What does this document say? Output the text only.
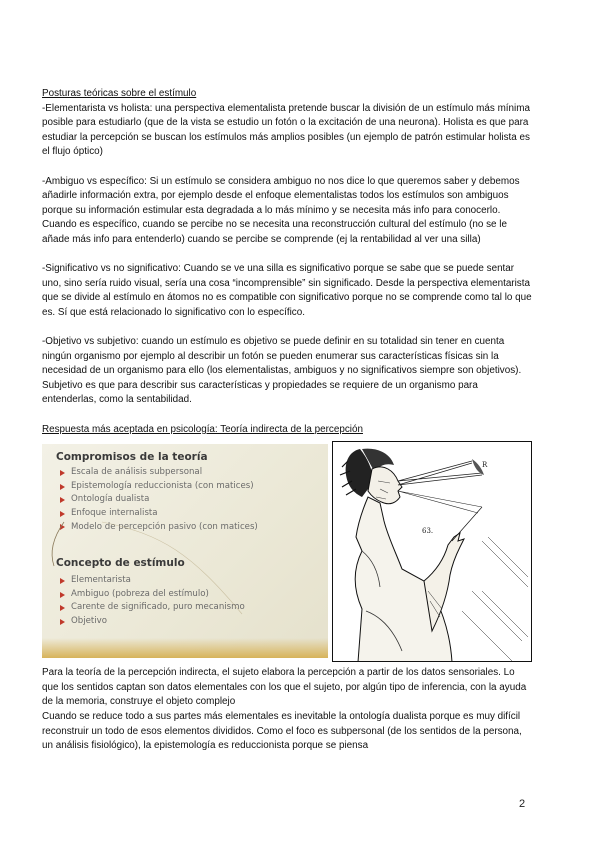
Posturas teóricas sobre el estímulo

-Elementarista vs holista: una perspectiva elementalista pretende buscar la división de un estímulo más mínima posible para estudiarlo (que de la vista se estudio un fotón o la excitación de una neurona). Holista es que para estudiar la percepción se buscan los estímulos más amplios posibles (un ejemplo de patrón estimular holista es el flujo óptico)

-Ambiguo vs específico: Si un estímulo se considera ambiguo no nos dice lo que queremos saber y debemos añadirle información extra, por ejemplo desde el enfoque elementalistas todos los estímulos son ambiguos porque su información estimular esta degradada a lo más mínimo y se necesita más info para conocerlo. Cuando es específico, cuando se percibe no se necesita una reconstrucción cultural del estímulo (no se le añade más info para entenderlo) cuando se percibe se comprende (ej la rentabilidad al ver una silla)

-Significativo vs no significativo: Cuando se ve una silla es significativo porque se sabe que se puede sentar uno, sino sería ruido visual, sería una cosa “incomprensible” sin significado. Desde la perspectiva elementarista que se divide al estímulo en átomos no es compatible con significativo porque no se comprende como tal lo que es. Sí que está relacionado lo significativo con lo específico.

-Objetivo vs subjetivo: cuando un estímulo es objetivo se puede definir en su totalidad sin tener en cuenta ningún organismo por ejemplo al describir un fotón se pueden enumerar sus características físicas sin la necesidad de un organismo para ello (los elementalistas, ambiguos y no significativos siempre son objetivos). Subjetivo es que para describir sus características y propiedades se requiere de un organismo para entenderlas, como la sentabilidad.

Respuesta más aceptada en psicología: Teoría indirecta de la percepción

Compromisos de la teoría
Escala de análisis subpersonal
Epistemología reduccionista (con matices)
Ontología dualista
Enfoque internalista
Modelo de percepción pasivo (con matices)
Concepto de estímulo
Elementarista
Ambiguo (pobreza del estímulo)
Carente de significado, puro mecanismo
Objetivo
R
63.

Para la teoría de la percepción indirecta, el sujeto elabora la percepción a partir de los datos sensoriales. Lo que los sentidos captan son datos elementales con los que el sujeto, por algún tipo de inferencia, con la ayuda de la memoria, construye el objeto complejo

Cuando se reduce todo a sus partes más elementales es inevitable la ontología dualista porque es muy difícil reconstruir un todo de esos elementos divididos. Como el foco es subpersonal (de los sentidos de la persona, un análisis fisiológico), la epistemología es reduccionista porque se piensa

2
